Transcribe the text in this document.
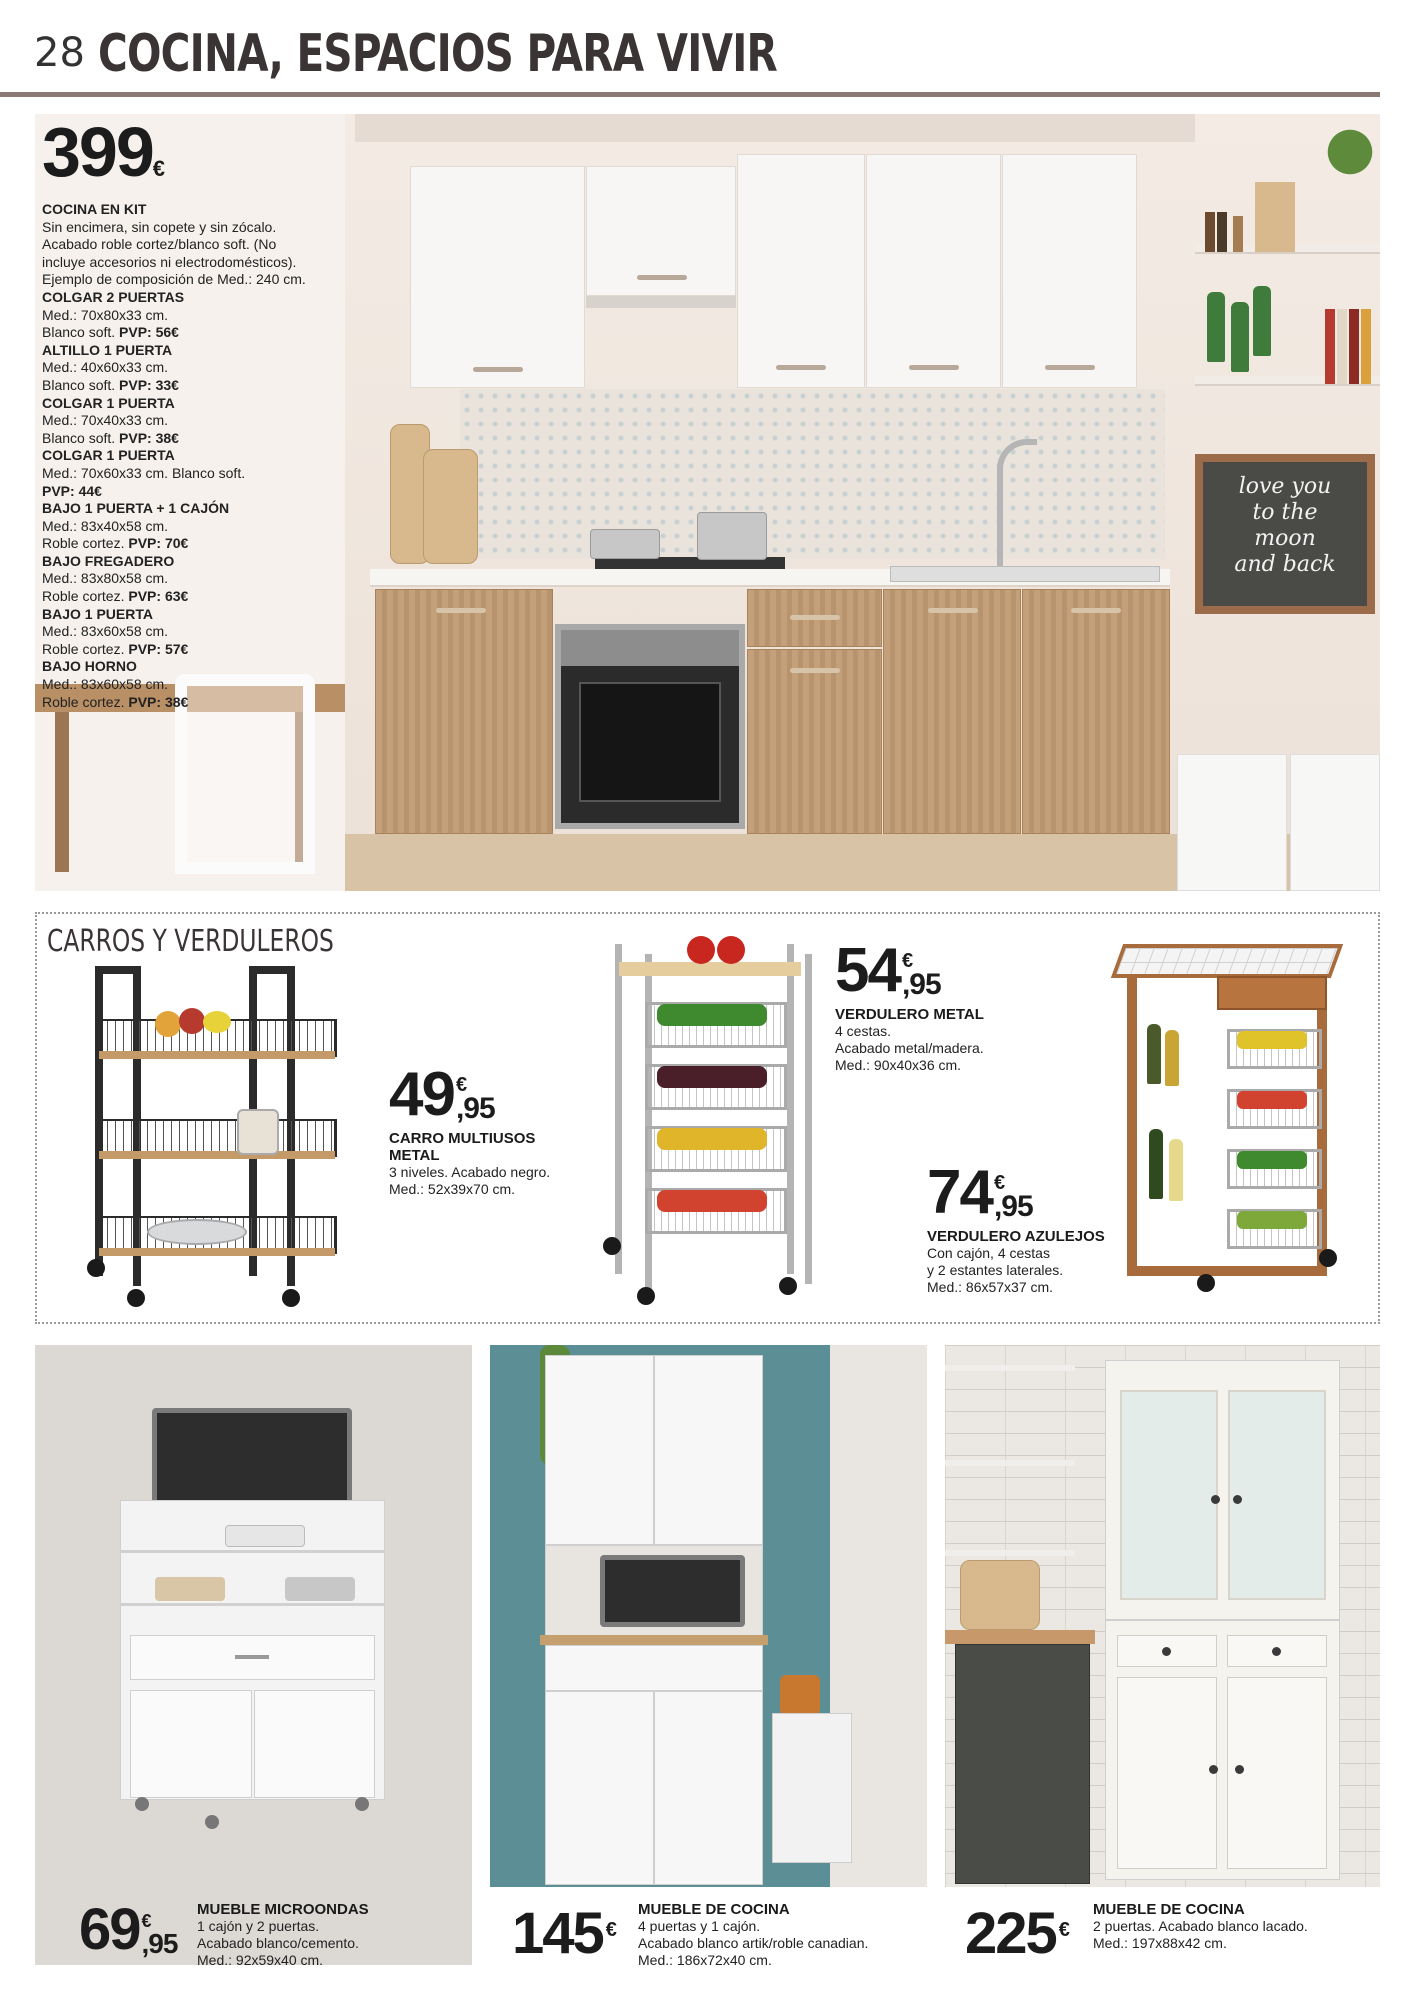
28 COCINA, ESPACIOS PARA VIVIR
love you
to the
moon
and back
399€
COCINA EN KIT
Sin encimera, sin copete y sin zócalo.
Acabado roble cortez/blanco soft. (No
incluye accesorios ni electrodomésticos).
Ejemplo de composición de Med.: 240 cm.
COLGAR 2 PUERTAS
Med.: 70x80x33 cm.
Blanco soft. PVP: 56€
ALTILLO 1 PUERTA
Med.: 40x60x33 cm.
Blanco soft. PVP: 33€
COLGAR 1 PUERTA
Med.: 70x40x33 cm.
Blanco soft. PVP: 38€
COLGAR 1 PUERTA
Med.: 70x60x33 cm. Blanco soft.
PVP: 44€
BAJO 1 PUERTA + 1 CAJÓN
Med.: 83x40x58 cm.
Roble cortez. PVP: 70€
BAJO FREGADERO
Med.: 83x80x58 cm.
Roble cortez. PVP: 63€
BAJO 1 PUERTA
Med.: 83x60x58 cm.
Roble cortez. PVP: 57€
BAJO HORNO
Med.: 83x60x58 cm.
Roble cortez. PVP: 38€
CARROS Y VERDULEROS
49 €
,95
CARRO MULTIUSOS
METAL
3 niveles. Acabado negro.
Med.: 52x39x70 cm.
54 €
,95
VERDULERO METAL
4 cestas.
Acabado metal/madera.
Med.: 90x40x36 cm.
74 €
,95
VERDULERO AZULEJOS
Con cajón, 4 cestas
y 2 estantes laterales.
Med.: 86x57x37 cm.
69 €
,95
MUEBLE MICROONDAS
1 cajón y 2 puertas.
Acabado blanco/cemento.
Med.: 92x59x40 cm.	145 €
MUEBLE DE COCINA
4 puertas y 1 cajón.
Acabado blanco artik/roble canadian.
Med.: 186x72x40 cm.	225 €
MUEBLE DE COCINA
2 puertas. Acabado blanco lacado.
Med.: 197x88x42 cm.
